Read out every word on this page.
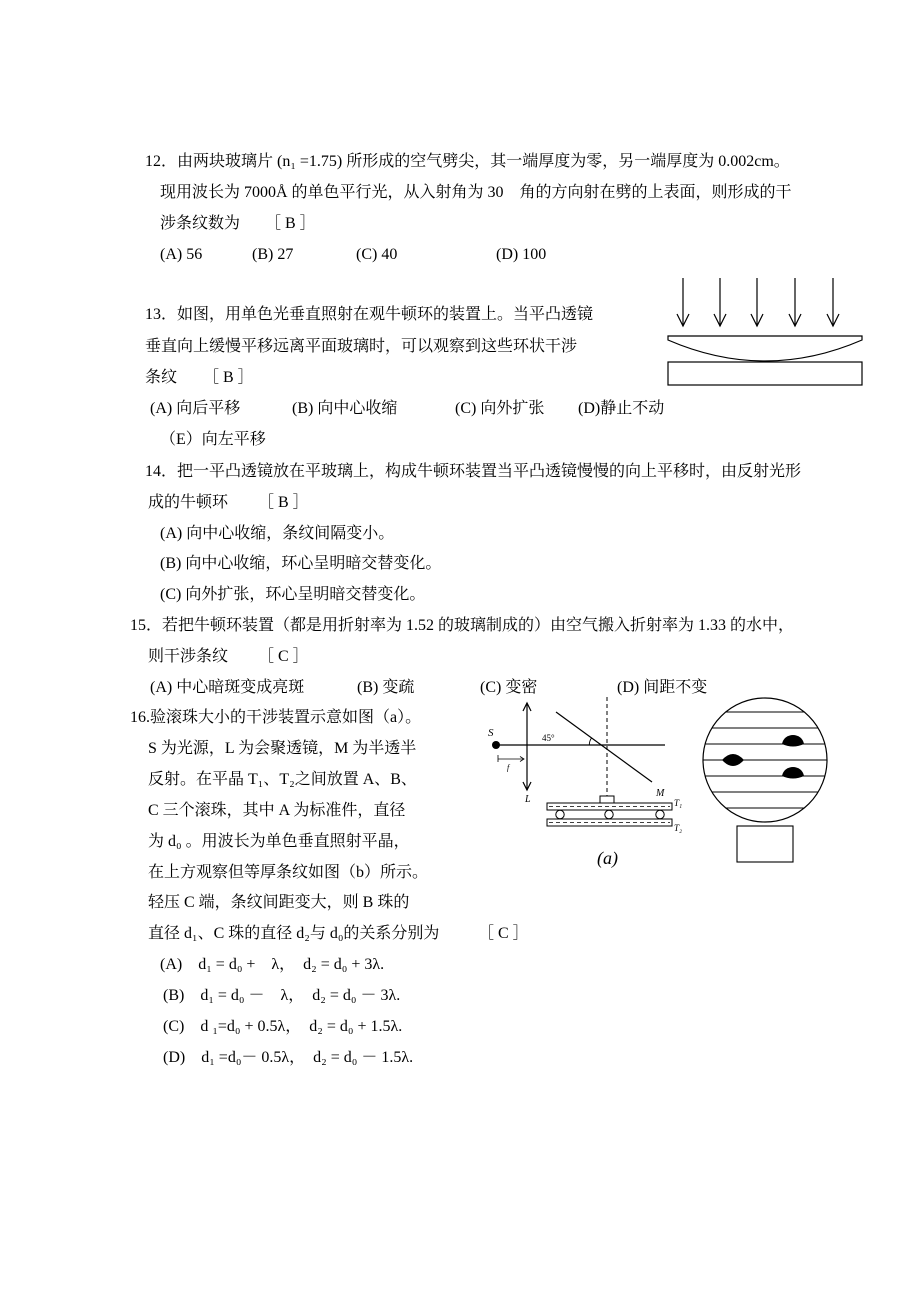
12．由两块玻璃片 (n₁ =1.75) 所形成的空气劈尖，其一端厚度为零，另一端厚度为 0.002cm。
现用波长为 7000Å 的单色平行光，从入射角为 30　角的方向射在劈的上表面，则形成的干
涉条纹数为 ［ B ］
(A) 56	(B) 27	(C) 40	(D) 100
13．如图，用单色光垂直照射在观牛顿环的装置上。当平凸透镜
垂直向上缓慢平移远离平面玻璃时，可以观察到这些环状干涉
条纹 ［ B ］
(A) 向后平移	(B) 向中心收缩	(C) 向外扩张 (D)静止不动
（E）向左平移
14．把一平凸透镜放在平玻璃上，构成牛顿环装置当平凸透镜慢慢的向上平移时，由反射光形
成的牛顿环 ［ B ］
(A) 向中心收缩，条纹间隔变小。
(B) 向中心收缩，环心呈明暗交替变化。
(C) 向外扩张，环心呈明暗交替变化。
15．若把牛顿环装置（都是用折射率为 1.52 的玻璃制成的）由空气搬入折射率为 1.33 的水中，
则干涉条纹 ［ C ］
(A) 中心暗斑变成亮斑	(B) 变疏	(C) 变密	(D) 间距不变
16.验滚珠大小的干涉装置示意如图（a）。
S 为光源，L 为会聚透镜，M 为半透半
反射。在平晶 T₁、T₂之间放置 A、B、
C 三个滚珠，其中 A 为标准件，直径
为 d₀ 。用波长为单色垂直照射平晶，
在上方观察但等厚条纹如图（b）所示。
轻压 C 端，条纹间距变大，则 B 珠的
直径 d₁、C 珠的直径 d₂与 d₀的关系分别为 ［ C ］
(A)　d₁ = d₀ +　λ，　d₂ = d₀ + 3λ.
(B)　d₁ = d₀ －　λ，　d₂ = d₀ － 3λ.
(C)　d ₁=d₀ + 0.5λ，　d₂ = d₀ + 1.5λ.
(D)　d₁ =d₀－ 0.5λ，　d₂ = d₀ － 1.5λ.
S
L
f
45°
M
T₁
T₂
(a)
